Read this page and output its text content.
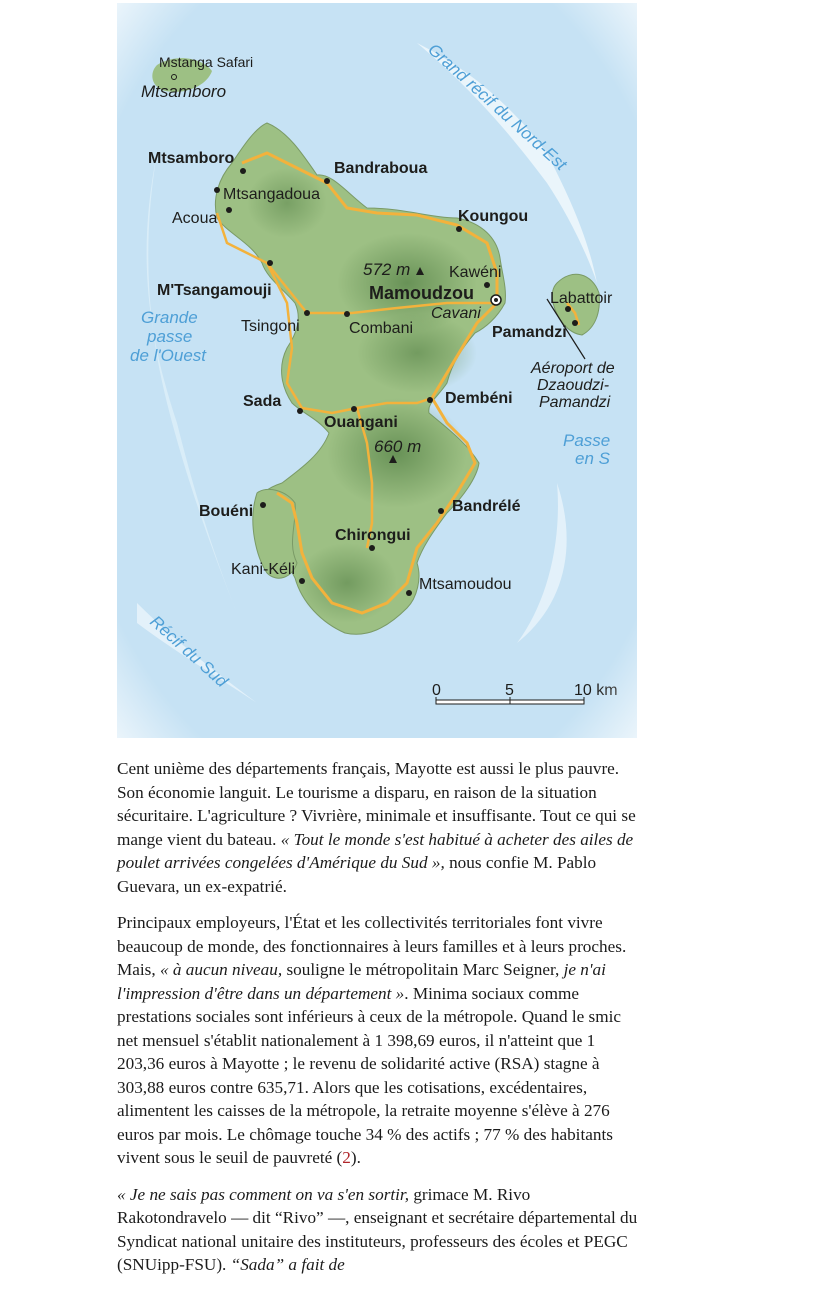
Cent unième des départements français, Mayotte est aussi le plus pauvre. Son économie languit. Le tourisme a disparu, en raison de la situation sécuritaire. L'agriculture ? Vivrière, minimale et insuffisante. Tout ce qui se mange vient du bateau. « Tout le monde s'est habitué à acheter des ailes de poulet arrivées congelées d'Amérique du Sud », nous confie M. Pablo Guevara, un ex-expatrié.

Principaux employeurs, l'État et les collectivités territoriales font vivre beaucoup de monde, des fonctionnaires à leurs familles et à leurs proches. Mais, « à aucun niveau, souligne le métropolitain Marc Seigner, je n'ai l'impression d'être dans un département ». Minima sociaux comme prestations sociales sont inférieurs à ceux de la métropole. Quand le smic net mensuel s'établit nationalement à 1 398,69 euros, il n'atteint que 1 203,36 euros à Mayotte ; le revenu de solidarité active (RSA) stagne à 303,88 euros contre 635,71. Alors que les cotisations, excédentaires, alimentent les caisses de la métropole, la retraite moyenne s'élève à 276 euros par mois. Le chômage touche 34 % des actifs ; 77 % des habitants vivent sous le seuil de pauvreté (2).

« Je ne sais pas comment on va s'en sortir, grimace M. Rivo Rakotondravelo — dit “Rivo” —, enseignant et secrétaire départemental du Syndicat national unitaire des instituteurs, professeurs des écoles et PEGC (SNUipp-FSU). “Sada” a fait de
